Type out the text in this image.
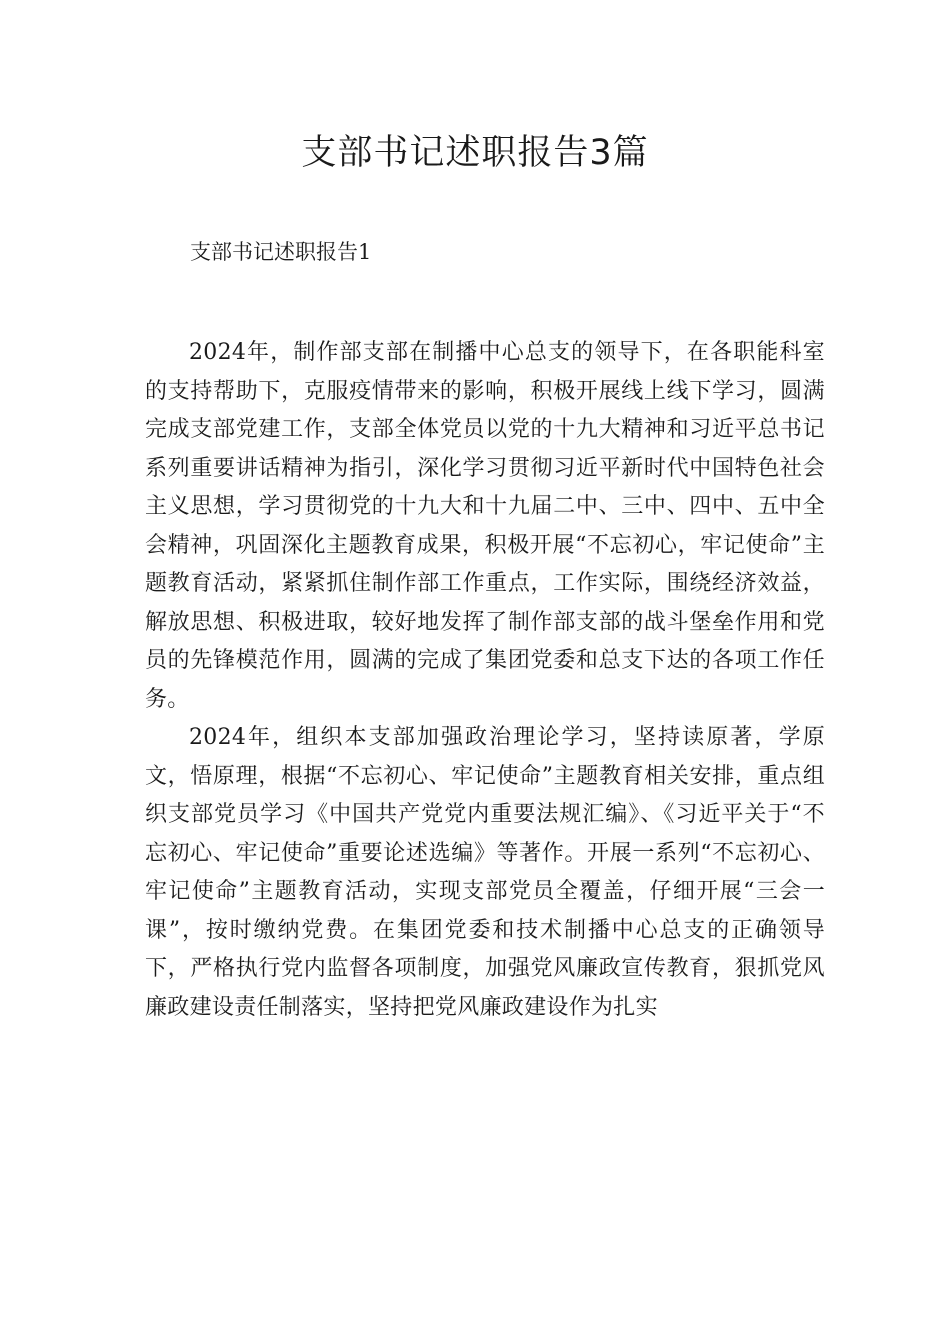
支部书记述职报告3篇
支部书记述职报告1

2024年，制作部支部在制播中心总支的领导下，在各职能科室的支持帮助下，克服疫情带来的影响，积极开展线上线下学习，圆满完成支部党建工作，支部全体党员以党的十九大精神和习近平总书记系列重要讲话精神为指引，深化学习贯彻习近平新时代中国特色社会主义思想，学习贯彻党的十九大和十九届二中、三中、四中、五中全会精神，巩固深化主题教育成果，积极开展“不忘初心，牢记使命”主题教育活动，紧紧抓住制作部工作重点，工作实际，围绕经济效益，解放思想、积极进取，较好地发挥了制作部支部的战斗堡垒作用和党员的先锋模范作用，圆满的完成了集团党委和总支下达的各项工作任务。

2024年，组织本支部加强政治理论学习，坚持读原著，学原文，悟原理，根据“不忘初心、牢记使命”主题教育相关安排，重点组织支部党员学习《中国共产党党内重要法规汇编》、《习近平关于“不忘初心、牢记使命”重要论述选编》等著作。开展一系列“不忘初心、牢记使命”主题教育活动，实现支部党员全覆盖，仔细开展“三会一课”，按时缴纳党费。在集团党委和技术制播中心总支的正确领导下，严格执行党内监督各项制度，加强党风廉政宣传教育，狠抓党风廉政建设责任制落实，坚持把党风廉政建设作为扎实
